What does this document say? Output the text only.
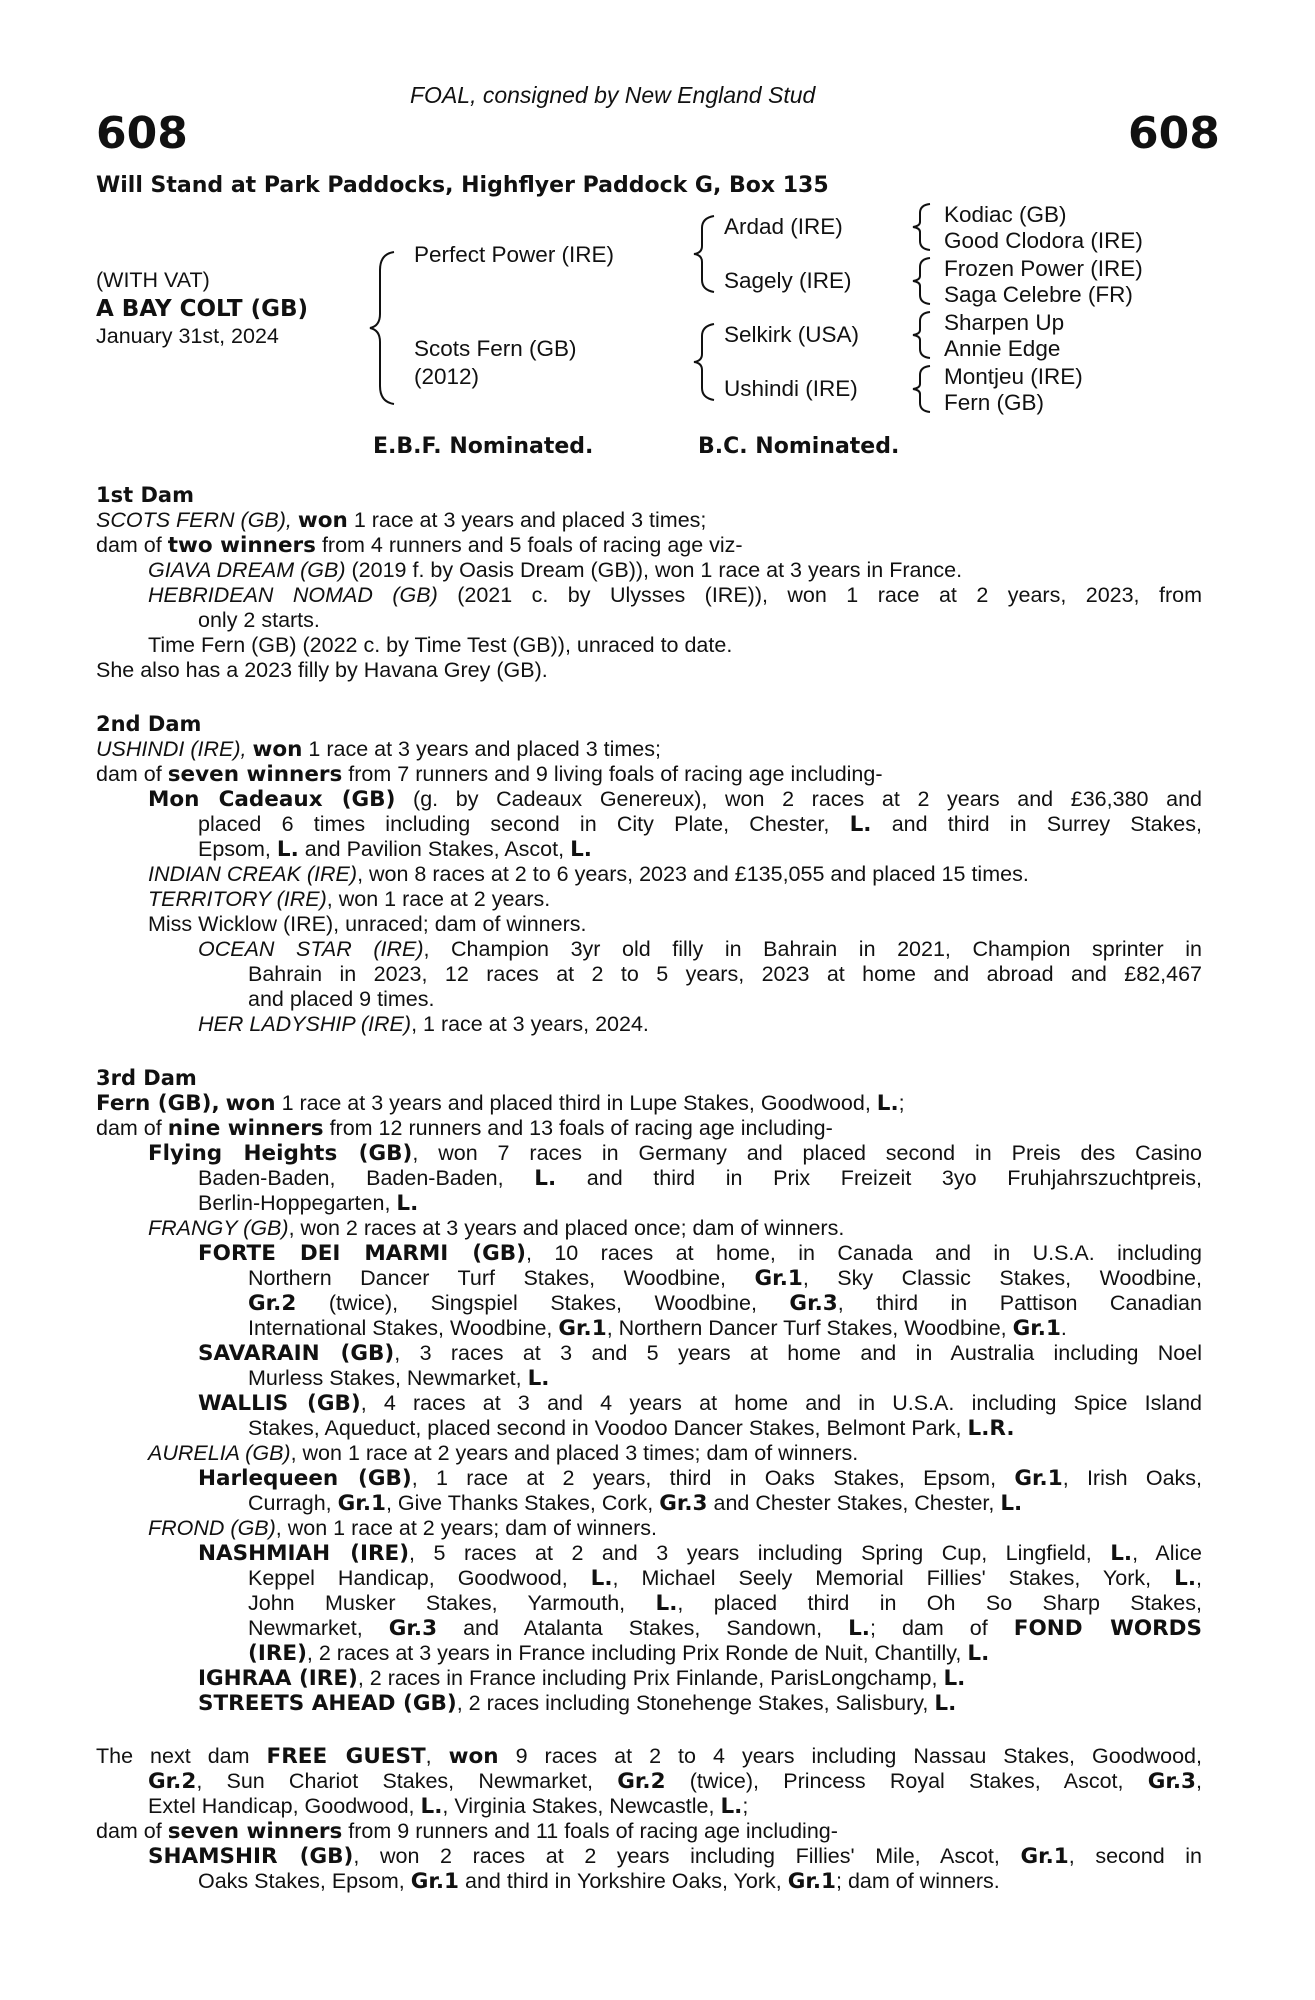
FOAL, consigned by New England Stud
608	608
Will Stand at Park Paddocks, Highflyer Paddock G, Box 135
(WITH VAT)
A BAY COLT (GB)
January 31st, 2024
Perfect Power (IRE)
Scots Fern (GB)
(2012)
Ardad (IRE)
Sagely (IRE)
Selkirk (USA)
Ushindi (IRE)
Kodiac (GB)
Good Clodora (IRE)
Frozen Power (IRE)
Saga Celebre (FR)
Sharpen Up
Annie Edge
Montjeu (IRE)
Fern (GB)
E.B.F. Nominated.	B.C. Nominated.
1st Dam
SCOTS FERN (GB), won 1 race at 3 years and placed 3 times;
dam of two winners from 4 runners and 5 foals of racing age viz-
GIAVA DREAM (GB) (2019 f. by Oasis Dream (GB)), won 1 race at 3 years in France.
HEBRIDEAN NOMAD (GB) (2021 c. by Ulysses (IRE)), won 1 race at 2 years, 2023, from
only 2 starts.
Time Fern (GB) (2022 c. by Time Test (GB)), unraced to date.
She also has a 2023 filly by Havana Grey (GB).
2nd Dam
USHINDI (IRE), won 1 race at 3 years and placed 3 times;
dam of seven winners from 7 runners and 9 living foals of racing age including-
Mon Cadeaux (GB) (g. by Cadeaux Genereux), won 2 races at 2 years and £36,380 and
placed 6 times including second in City Plate, Chester, L. and third in Surrey Stakes,
Epsom, L. and Pavilion Stakes, Ascot, L.
INDIAN CREAK (IRE), won 8 races at 2 to 6 years, 2023 and £135,055 and placed 15 times.
TERRITORY (IRE), won 1 race at 2 years.
Miss Wicklow (IRE), unraced; dam of winners.
OCEAN STAR (IRE), Champion 3yr old filly in Bahrain in 2021, Champion sprinter in
Bahrain in 2023, 12 races at 2 to 5 years, 2023 at home and abroad and £82,467
and placed 9 times.
HER LADYSHIP (IRE), 1 race at 3 years, 2024.
3rd Dam
Fern (GB), won 1 race at 3 years and placed third in Lupe Stakes, Goodwood, L.;
dam of nine winners from 12 runners and 13 foals of racing age including-
Flying Heights (GB), won 7 races in Germany and placed second in Preis des Casino
Baden-Baden, Baden-Baden, L. and third in Prix Freizeit 3yo Fruhjahrszuchtpreis,
Berlin-Hoppegarten, L.
FRANGY (GB), won 2 races at 3 years and placed once; dam of winners.
FORTE DEI MARMI (GB), 10 races at home, in Canada and in U.S.A. including
Northern Dancer Turf Stakes, Woodbine, Gr.1, Sky Classic Stakes, Woodbine,
Gr.2 (twice), Singspiel Stakes, Woodbine, Gr.3, third in Pattison Canadian
International Stakes, Woodbine, Gr.1, Northern Dancer Turf Stakes, Woodbine, Gr.1.
SAVARAIN (GB), 3 races at 3 and 5 years at home and in Australia including Noel
Murless Stakes, Newmarket, L.
WALLIS (GB), 4 races at 3 and 4 years at home and in U.S.A. including Spice Island
Stakes, Aqueduct, placed second in Voodoo Dancer Stakes, Belmont Park, L.R.
AURELIA (GB), won 1 race at 2 years and placed 3 times; dam of winners.
Harlequeen (GB), 1 race at 2 years, third in Oaks Stakes, Epsom, Gr.1, Irish Oaks,
Curragh, Gr.1, Give Thanks Stakes, Cork, Gr.3 and Chester Stakes, Chester, L.
FROND (GB), won 1 race at 2 years; dam of winners.
NASHMIAH (IRE), 5 races at 2 and 3 years including Spring Cup, Lingfield, L., Alice
Keppel Handicap, Goodwood, L., Michael Seely Memorial Fillies' Stakes, York, L.,
John Musker Stakes, Yarmouth, L., placed third in Oh So Sharp Stakes,
Newmarket, Gr.3 and Atalanta Stakes, Sandown, L.; dam of FOND WORDS
(IRE), 2 races at 3 years in France including Prix Ronde de Nuit, Chantilly, L.
IGHRAA (IRE), 2 races in France including Prix Finlande, ParisLongchamp, L.
STREETS AHEAD (GB), 2 races including Stonehenge Stakes, Salisbury, L.
The next dam FREE GUEST, won 9 races at 2 to 4 years including Nassau Stakes, Goodwood,
Gr.2, Sun Chariot Stakes, Newmarket, Gr.2 (twice), Princess Royal Stakes, Ascot, Gr.3,
Extel Handicap, Goodwood, L., Virginia Stakes, Newcastle, L.;
dam of seven winners from 9 runners and 11 foals of racing age including-
SHAMSHIR (GB), won 2 races at 2 years including Fillies' Mile, Ascot, Gr.1, second in
Oaks Stakes, Epsom, Gr.1 and third in Yorkshire Oaks, York, Gr.1; dam of winners.
